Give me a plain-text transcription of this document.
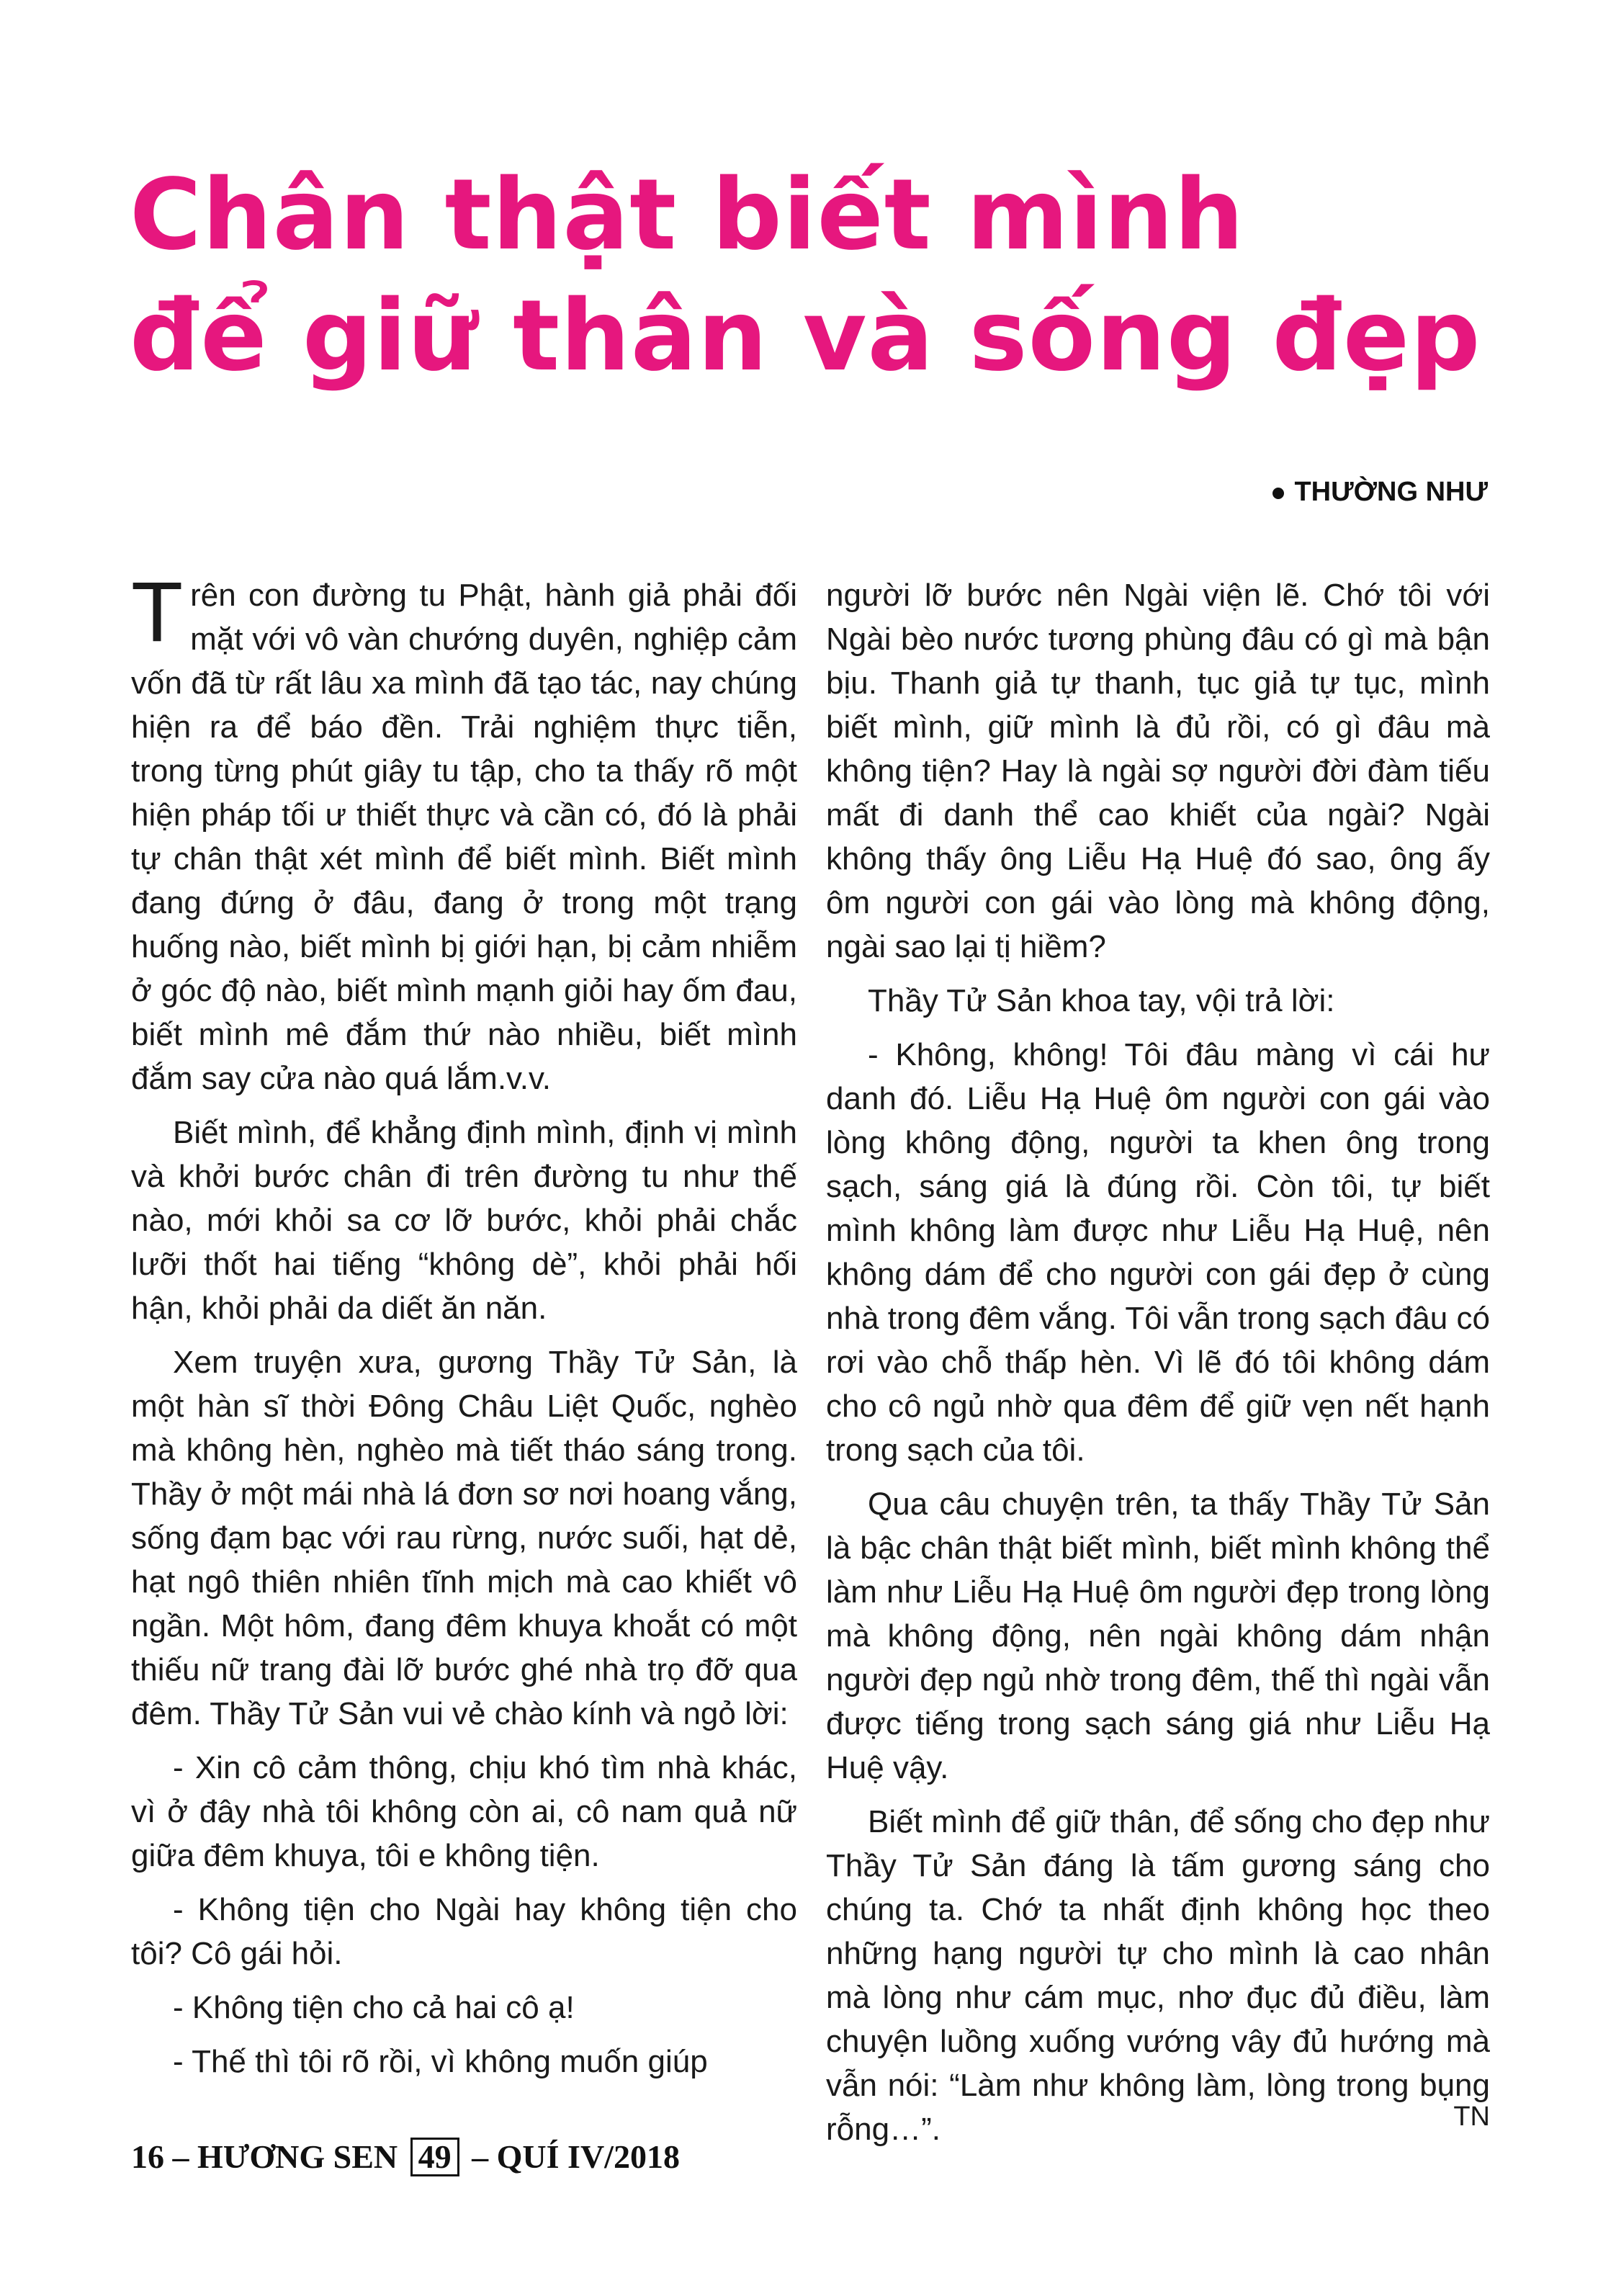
Chân thật biết mình
để giữ thân và sống đẹp
THƯỜNG NHƯ

Trên con đường tu Phật, hành giả phải đối mặt với vô vàn chướng duyên, nghiệp cảm vốn đã từ rất lâu xa mình đã tạo tác, nay chúng hiện ra để báo đền. Trải nghiệm thực tiễn, trong từng phút giây tu tập, cho ta thấy rõ một hiện pháp tối ư thiết thực và cần có, đó là phải tự chân thật xét mình để biết mình. Biết mình đang đứng ở đâu, đang ở trong một trạng huống nào, biết mình bị giới hạn, bị cảm nhiễm ở góc độ nào, biết mình mạnh giỏi hay ốm đau, biết mình mê đắm thứ nào nhiều, biết mình đắm say cửa nào quá lắm.v.v.

Biết mình, để khẳng định mình, định vị mình và khởi bước chân đi trên đường tu như thế nào, mới khỏi sa cơ lỡ bước, khỏi phải chắc lưỡi thốt hai tiếng “không dè”, khỏi phải hối hận, khỏi phải da diết ăn năn.

Xem truyện xưa, gương Thầy Tử Sản, là một hàn sĩ thời Đông Châu Liệt Quốc, nghèo mà không hèn, nghèo mà tiết tháo sáng trong. Thầy ở một mái nhà lá đơn sơ nơi hoang vắng, sống đạm bạc với rau rừng, nước suối, hạt dẻ, hạt ngô thiên nhiên tĩnh mịch mà cao khiết vô ngần. Một hôm, đang đêm khuya khoắt có một thiếu nữ trang đài lỡ bước ghé nhà trọ đỡ qua đêm. Thầy Tử Sản vui vẻ chào kính và ngỏ lời:

- Xin cô cảm thông, chịu khó tìm nhà khác, vì ở đây nhà tôi không còn ai, cô nam quả nữ giữa đêm khuya, tôi e không tiện.

- Không tiện cho Ngài hay không tiện cho tôi? Cô gái hỏi.

- Không tiện cho cả hai cô ạ!

- Thế thì tôi rõ rồi, vì không muốn giúp

người lỡ bước nên Ngài viện lẽ. Chớ tôi với Ngài bèo nước tương phùng đâu có gì mà bận bịu. Thanh giả tự thanh, tục giả tự tục, mình biết mình, giữ mình là đủ rồi, có gì đâu mà không tiện? Hay là ngài sợ người đời đàm tiếu mất đi danh thể cao khiết của ngài? Ngài không thấy ông Liễu Hạ Huệ đó sao, ông ấy ôm người con gái vào lòng mà không động, ngài sao lại tị hiềm?

Thầy Tử Sản khoa tay, vội trả lời:

- Không, không! Tôi đâu màng vì cái hư danh đó. Liễu Hạ Huệ ôm người con gái vào lòng không động, người ta khen ông trong sạch, sáng giá là đúng rồi. Còn tôi, tự biết mình không làm được như Liễu Hạ Huệ, nên không dám để cho người con gái đẹp ở cùng nhà trong đêm vắng. Tôi vẫn trong sạch đâu có rơi vào chỗ thấp hèn. Vì lẽ đó tôi không dám cho cô ngủ nhờ qua đêm để giữ vẹn nết hạnh trong sạch của tôi.

Qua câu chuyện trên, ta thấy Thầy Tử Sản là bậc chân thật biết mình, biết mình không thể làm như Liễu Hạ Huệ ôm người đẹp trong lòng mà không động, nên ngài không dám nhận người đẹp ngủ nhờ trong đêm, thế thì ngài vẫn được tiếng trong sạch sáng giá như Liễu Hạ Huệ vậy.

Biết mình để giữ thân, để sống cho đẹp như Thầy Tử Sản đáng là tấm gương sáng cho chúng ta. Chớ ta nhất định không học theo những hạng người tự cho mình là cao nhân mà lòng như cám mục, nhơ đục đủ điều, làm chuyện luồng xuống vướng vây đủ hướng mà vẫn nói: “Làm như không làm, lòng trong bụng rỗng…”.	TN
16 – HƯƠNG SEN 49 – QUÍ IV/2018
